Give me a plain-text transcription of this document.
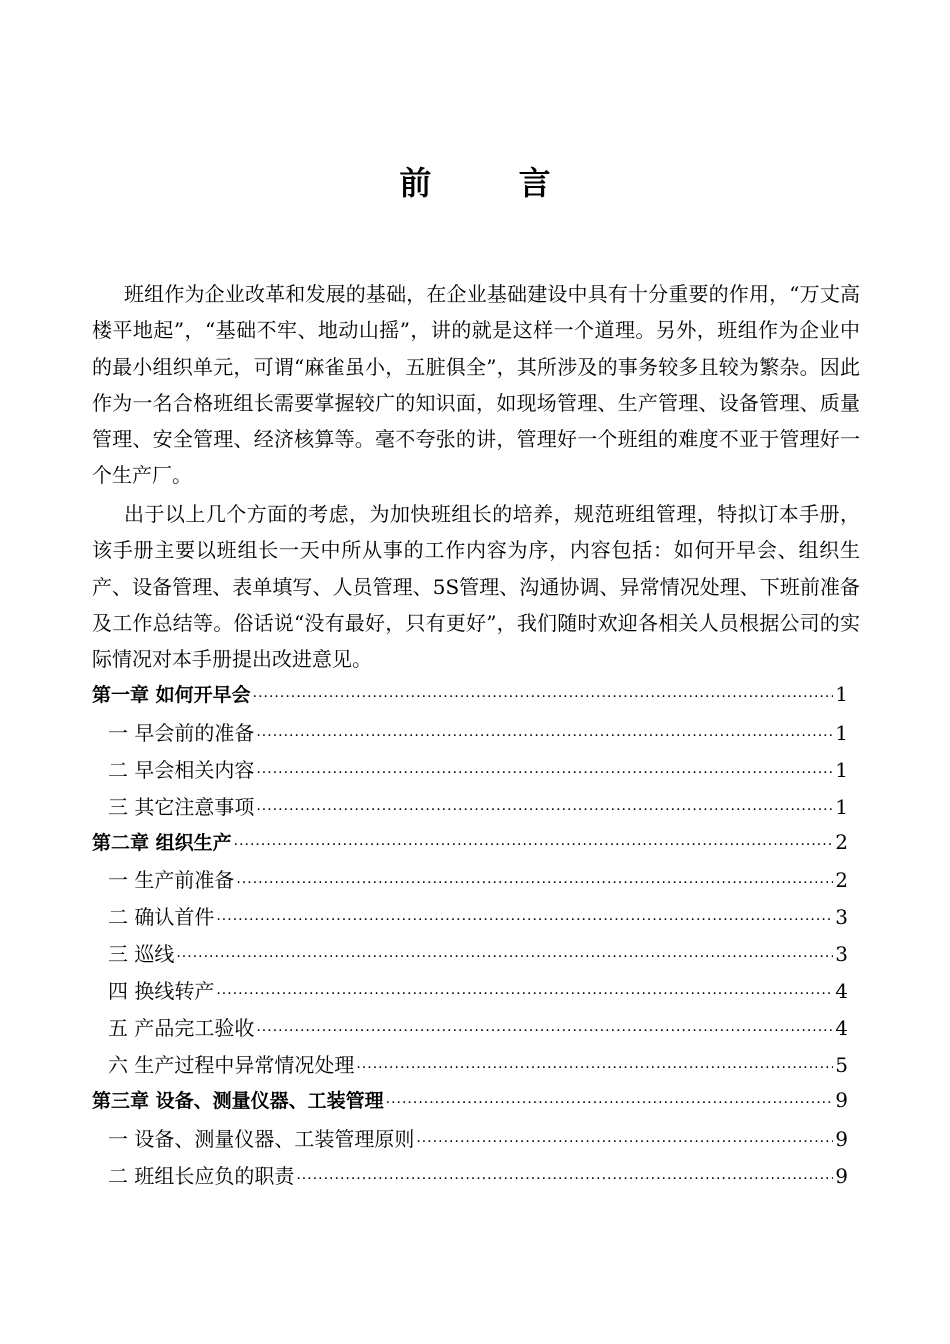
前 言

班组作为企业改革和发展的基础，在企业基础建设中具有十分重要的作用，“万丈高楼平地起”，“基础不牢、地动山摇”，讲的就是这样一个道理。另外，班组作为企业中的最小组织单元，可谓“麻雀虽小，五脏俱全”，其所涉及的事务较多且较为繁杂。因此作为一名合格班组长需要掌握较广的知识面，如现场管理、生产管理、设备管理、质量管理、安全管理、经济核算等。毫不夸张的讲，管理好一个班组的难度不亚于管理好一个生产厂。

出于以上几个方面的考虑，为加快班组长的培养，规范班组管理，特拟订本手册，该手册主要以班组长一天中所从事的工作内容为序，内容包括：如何开早会、组织生产、设备管理、表单填写、人员管理、5S管理、沟通协调、异常情况处理、下班前准备及工作总结等。俗话说“没有最好，只有更好”，我们随时欢迎各相关人员根据公司的实际情况对本手册提出改进意见。

第一章 如何开早会 ·····	1
一 早会前的准备 ·····	1
二 早会相关内容 ·····	1
三 其它注意事项 ·····	1
第二章 组织生产 ·····	2
一 生产前准备 ·····	2
二 确认首件 ·····	3
三 巡线 ·····	3
四 换线转产 ·····	4
五 产品完工验收 ·····	4
六 生产过程中异常情况处理 ·····	5
第三章 设备、测量仪器、工装管理 ·····	9
一 设备、测量仪器、工装管理原则 ·····	9
二 班组长应负的职责 ·····	9
